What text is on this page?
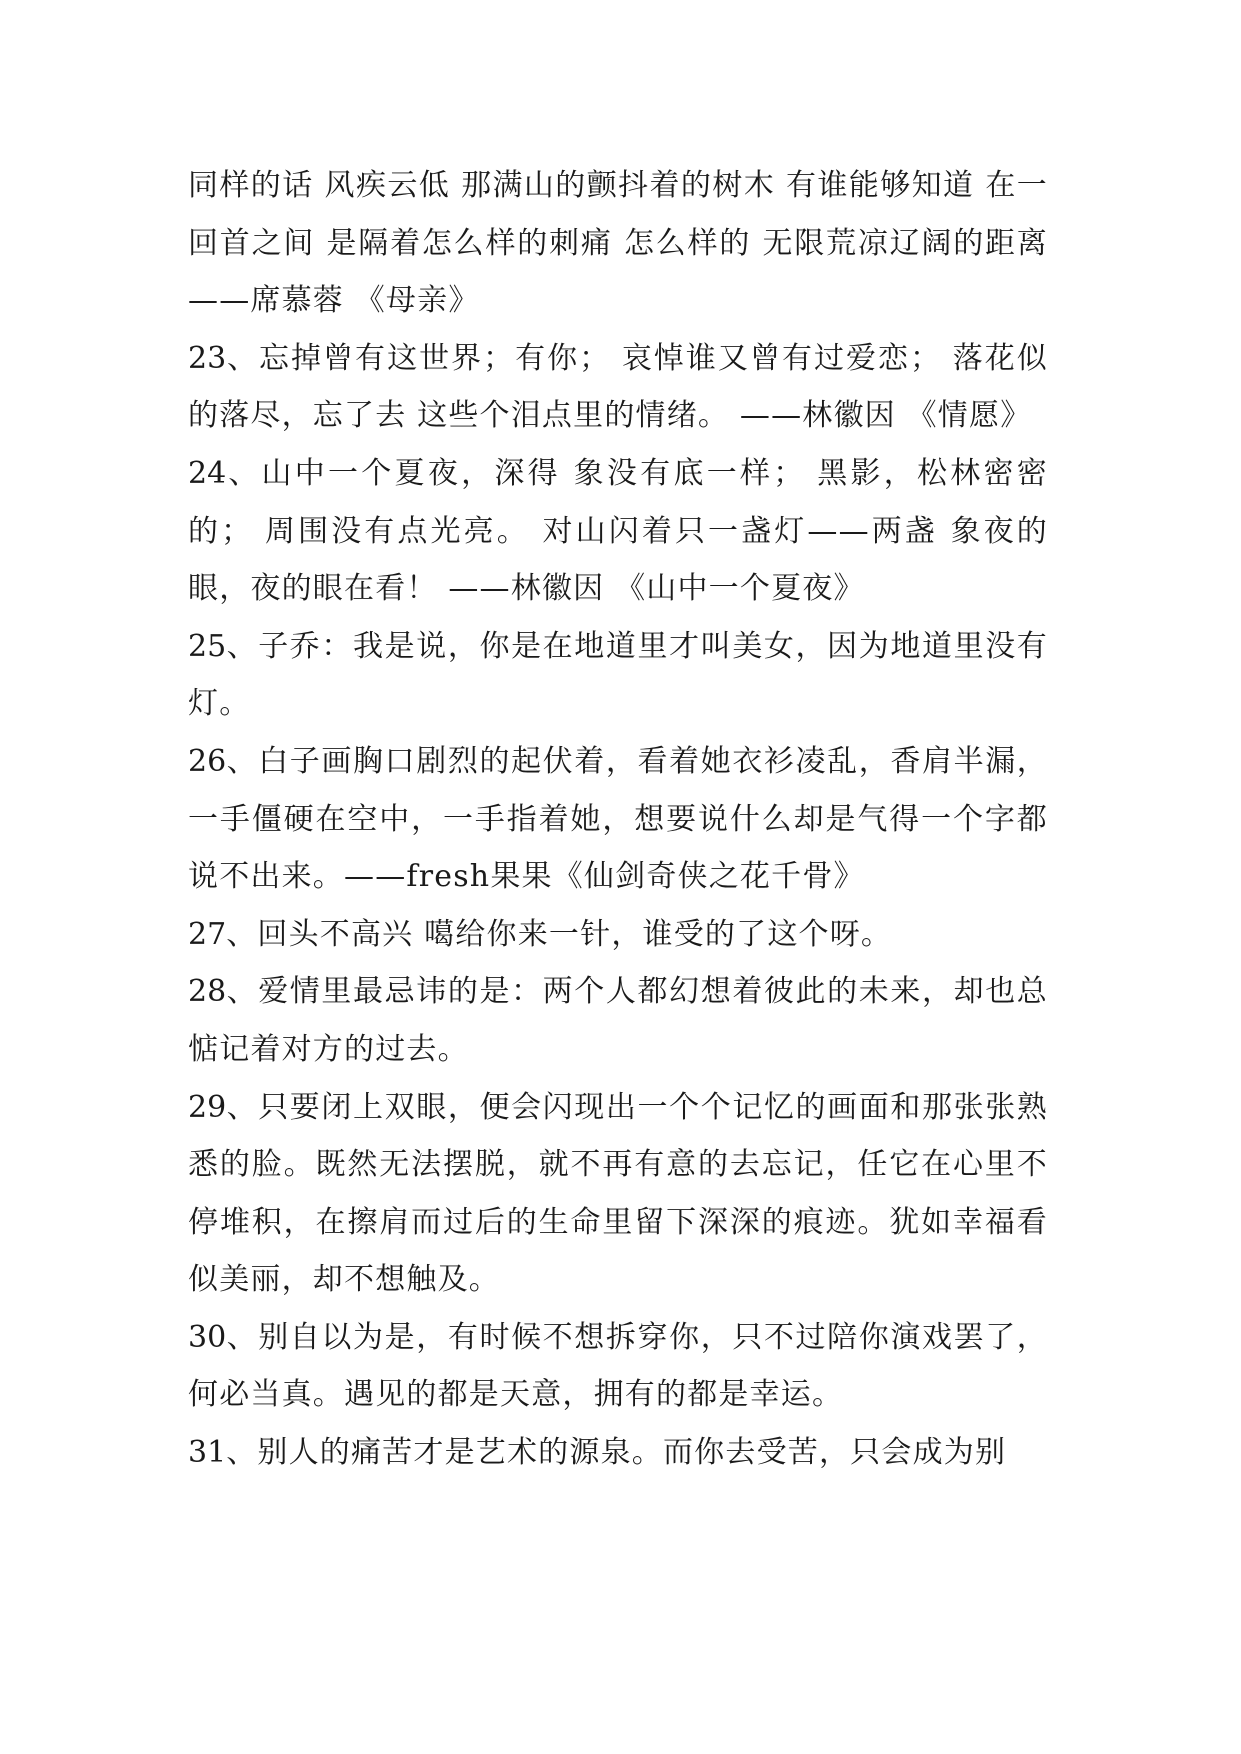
同样的话 风疾云低 那满山的颤抖着的树木 有谁能够知道 在一回首之间 是隔着怎么样的刺痛 怎么样的 无限荒凉辽阔的距离 ——席慕蓉 《母亲》

23、忘掉曾有这世界；有你； 哀悼谁又曾有过爱恋； 落花似的落尽，忘了去 这些个泪点里的情绪。 ——林徽因 《情愿》

24、山中一个夏夜，深得 象没有底一样； 黑影，松林密密的； 周围没有点光亮。 对山闪着只一盏灯——两盏 象夜的眼，夜的眼在看！ ——林徽因 《山中一个夏夜》

25、子乔：我是说，你是在地道里才叫美女，因为地道里没有灯。

26、白子画胸口剧烈的起伏着，看着她衣衫凌乱，香肩半漏，一手僵硬在空中，一手指着她，想要说什么却是气得一个字都说不出来。——fresh果果《仙剑奇侠之花千骨》

27、回头不高兴 噶给你来一针，谁受的了这个呀。

28、爱情里最忌讳的是：两个人都幻想着彼此的未来，却也总惦记着对方的过去。

29、只要闭上双眼，便会闪现出一个个记忆的画面和那张张熟悉的脸。既然无法摆脱，就不再有意的去忘记，任它在心里不停堆积，在擦肩而过后的生命里留下深深的痕迹。犹如幸福看似美丽，却不想触及。

30、别自以为是，有时候不想拆穿你，只不过陪你演戏罢了，何必当真。遇见的都是天意，拥有的都是幸运。

31、别人的痛苦才是艺术的源泉。而你去受苦，只会成为别
